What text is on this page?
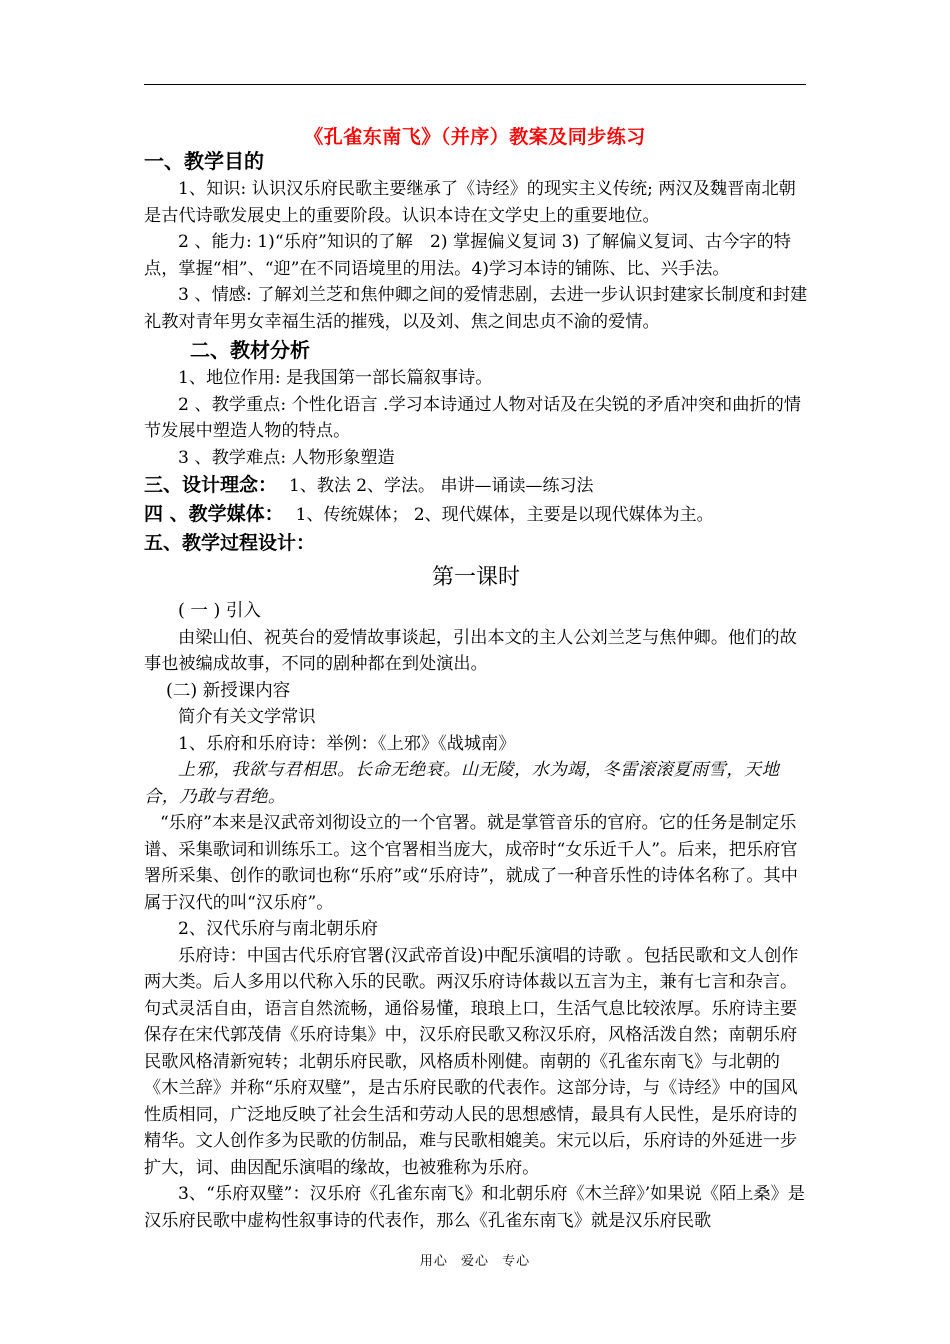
《孔雀东南飞》（并序）教案及同步练习

一、教学目的

1、知识: 认识汉乐府民歌主要继承了《诗经》的现实主义传统; 两汉及魏晋南北朝是古代诗歌发展史上的重要阶段。认识本诗在文学史上的重要地位。

2 、能力: 1)“乐府”知识的了解　2) 掌握偏义复词 3) 了解偏义复词、古今字的特点，掌握“相”、“迎”在不同语境里的用法。4)学习本诗的铺陈、比、兴手法。

3 、情感: 了解刘兰芝和焦仲卿之间的爱情悲剧，去进一步认识封建家长制度和封建礼教对青年男女幸福生活的摧残，以及刘、焦之间忠贞不渝的爱情。

二、教材分析

1、地位作用: 是我国第一部长篇叙事诗。

2 、教学重点: 个性化语言 .学习本诗通过人物对话及在尖锐的矛盾冲突和曲折的情节发展中塑造人物的特点。

3 、教学难点: 人物形象塑造

三、设计理念： 1、教法 2、学法。 串讲—诵读—练习法

四 、教学媒体： 1、传统媒体； 2、现代媒体，主要是以现代媒体为主。

五、教学过程设计：

第一课时

( 一 ) 引入

由梁山伯、祝英台的爱情故事谈起，引出本文的主人公刘兰芝与焦仲卿。他们的故事也被编成故事，不同的剧种都在到处演出。

(二) 新授课内容

简介有关文学常识

1、乐府和乐府诗：举例：《上邪》《战城南》

上邪，我欲与君相思。长命无绝衰。山无陵，水为竭，冬雷滚滚夏雨雪，天地合，乃敢与君绝。

“乐府”本来是汉武帝刘彻设立的一个官署。就是掌管音乐的官府。它的任务是制定乐谱、采集歌词和训练乐工。这个官署相当庞大，成帝时“女乐近千人”。后来，把乐府官署所采集、创作的歌词也称“乐府”或“乐府诗”，就成了一种音乐性的诗体名称了。其中属于汉代的叫“汉乐府”。

2、汉代乐府与南北朝乐府

乐府诗：中国古代乐府官署(汉武帝首设)中配乐演唱的诗歌 。包括民歌和文人创作两大类。后人多用以代称入乐的民歌。两汉乐府诗体裁以五言为主，兼有七言和杂言。句式灵活自由，语言自然流畅，通俗易懂，琅琅上口，生活气息比较浓厚。乐府诗主要保存在宋代郭茂倩《乐府诗集》中，汉乐府民歌又称汉乐府，风格活泼自然；南朝乐府民歌风格清新宛转；北朝乐府民歌，风格质朴刚健。南朝的《孔雀东南飞》与北朝的《木兰辞》并称“乐府双璧”，是古乐府民歌的代表作。这部分诗，与《诗经》中的国风性质相同，广泛地反映了社会生活和劳动人民的思想感情，最具有人民性，是乐府诗的精华。文人创作多为民歌的仿制品，难与民歌相媲美。宋元以后，乐府诗的外延进一步扩大，词、曲因配乐演唱的缘故，也被雅称为乐府。

3、“乐府双璧”：汉乐府《孔雀东南飞》和北朝乐府《木兰辞》’如果说《陌上桑》是汉乐府民歌中虚构性叙事诗的代表作，那么《孔雀东南飞》就是汉乐府民歌

用心 爱心 专心
